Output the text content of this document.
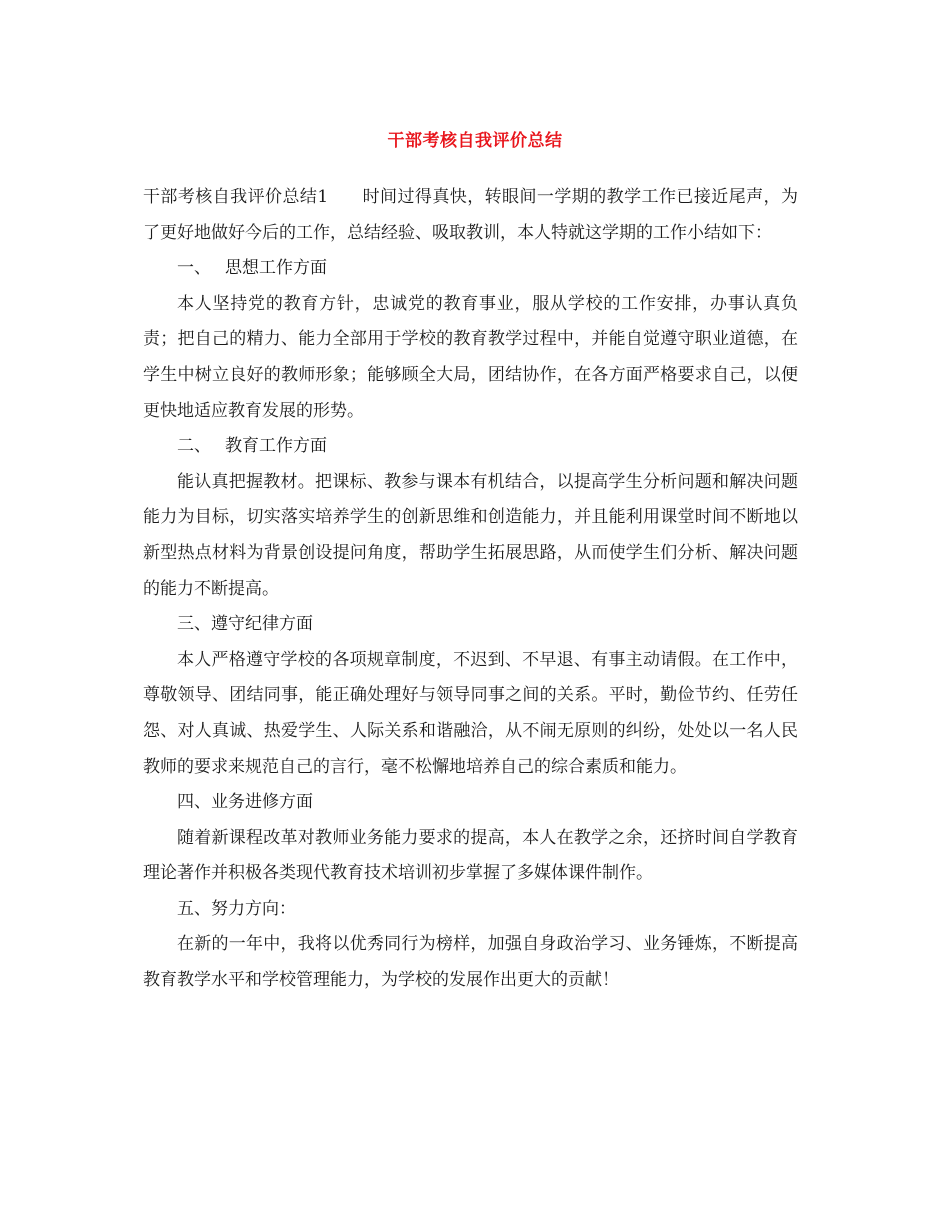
干部考核自我评价总结

干部考核自我评价总结1 时间过得真快，转眼间一学期的教学工作已接近尾声，为了更好地做好今后的工作，总结经验、吸取教训，本人特就这学期的工作小结如下：

一、 思想工作方面

本人坚持党的教育方针，忠诚党的教育事业，服从学校的工作安排，办事认真负责；把自己的精力、能力全部用于学校的教育教学过程中，并能自觉遵守职业道德，在学生中树立良好的教师形象；能够顾全大局，团结协作，在各方面严格要求自己，以便更快地适应教育发展的形势。

二、 教育工作方面

能认真把握教材。把课标、教参与课本有机结合，以提高学生分析问题和解决问题能力为目标，切实落实培养学生的创新思维和创造能力，并且能利用课堂时间不断地以新型热点材料为背景创设提问角度，帮助学生拓展思路，从而使学生们分析、解决问题的能力不断提高。

三、遵守纪律方面

本人严格遵守学校的各项规章制度，不迟到、不早退、有事主动请假。在工作中，尊敬领导、团结同事，能正确处理好与领导同事之间的关系。平时，勤俭节约、任劳任怨、对人真诚、热爱学生、人际关系和谐融洽，从不闹无原则的纠纷，处处以一名人民教师的要求来规范自己的言行，毫不松懈地培养自己的综合素质和能力。

四、业务进修方面

随着新课程改革对教师业务能力要求的提高，本人在教学之余，还挤时间自学教育理论著作并积极各类现代教育技术培训初步掌握了多媒体课件制作。

五、努力方向：

在新的一年中，我将以优秀同行为榜样，加强自身政治学习、业务锤炼，不断提高教育教学水平和学校管理能力，为学校的发展作出更大的贡献！
